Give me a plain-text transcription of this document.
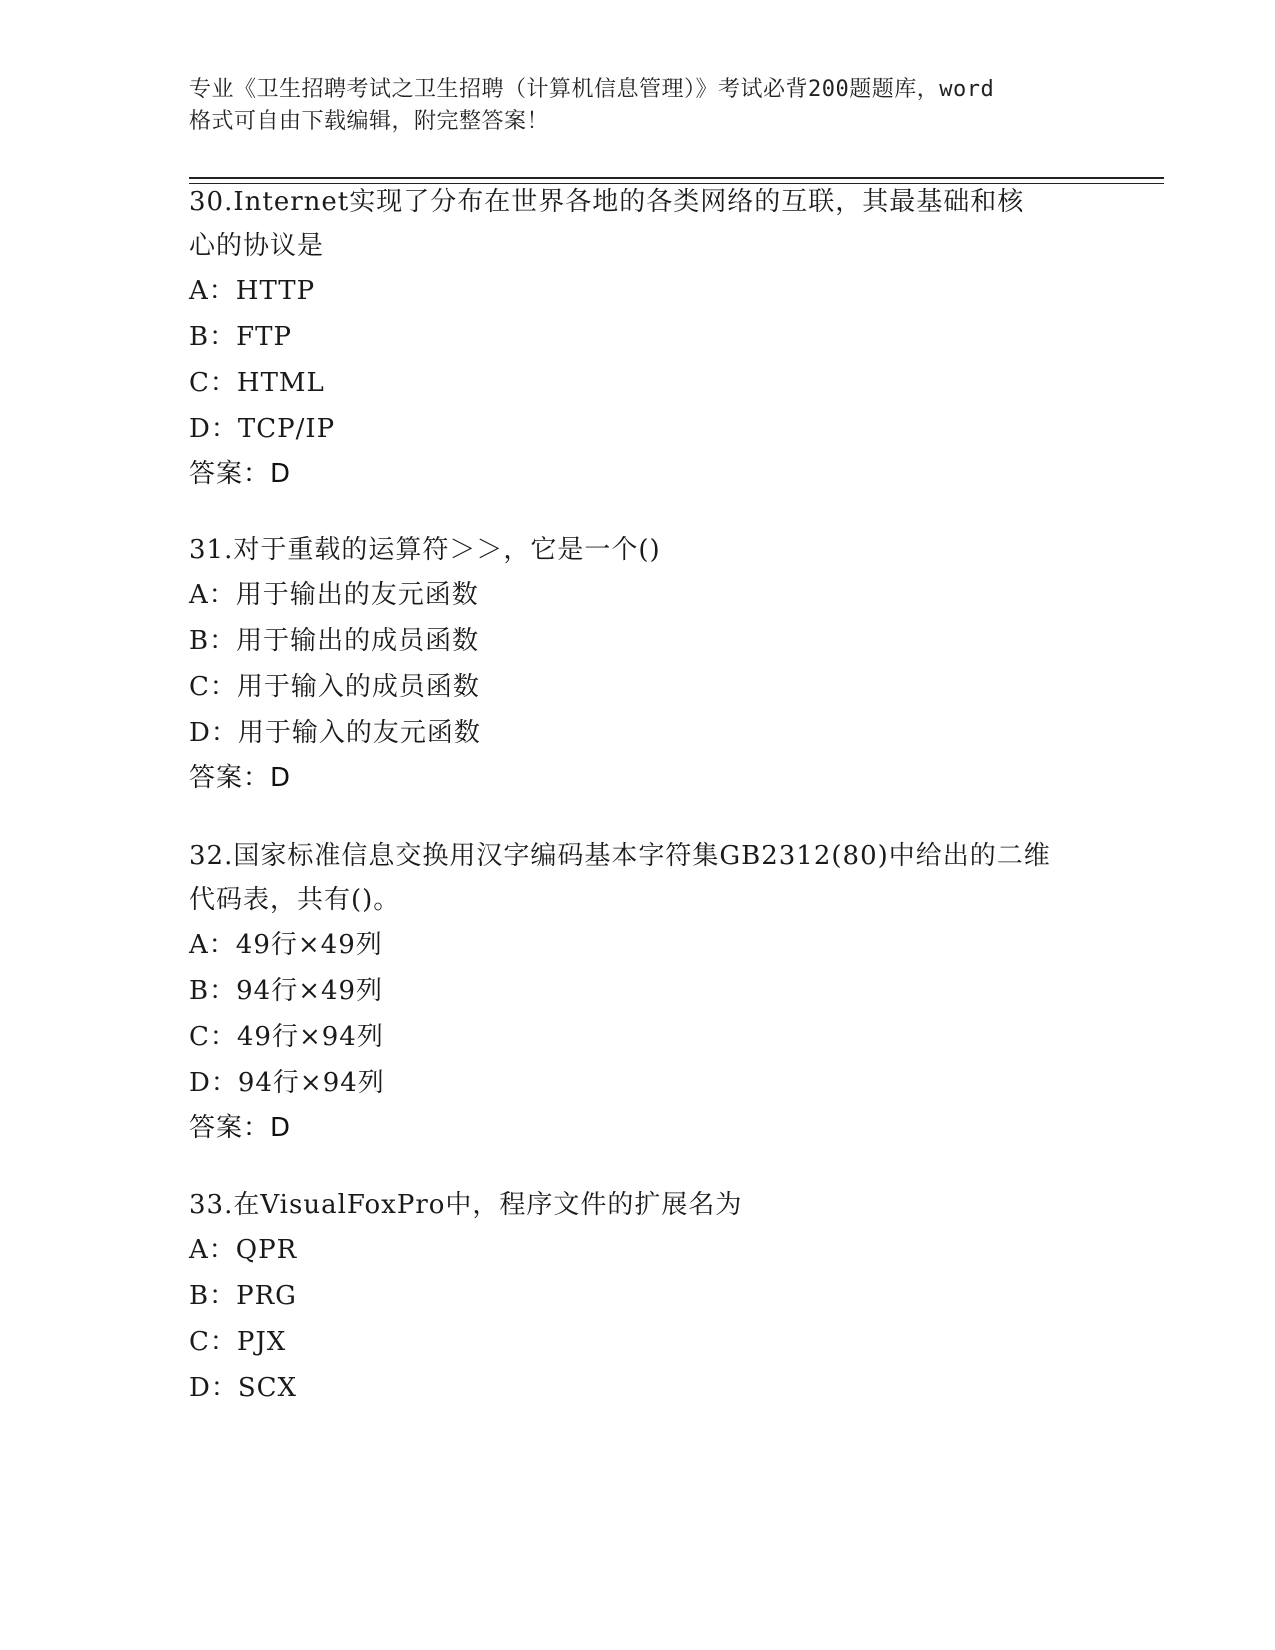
专业《卫生招聘考试之卫生招聘（计算机信息管理）》考试必背200题题库，word
格式可自由下载编辑，附完整答案！
30.Internet实现了分布在世界各地的各类网络的互联，其最基础和核
心的协议是
A：HTTP
B：FTP
C：HTML
D：TCP/IP
答案：D
31.对于重载的运算符＞＞，它是一个()
A：用于输出的友元函数
B：用于输出的成员函数
C：用于输入的成员函数
D：用于输入的友元函数
答案：D
32.国家标准信息交换用汉字编码基本字符集GB2312(80)中给出的二维
代码表，共有()。
A：49行×49列
B：94行×49列
C：49行×94列
D：94行×94列
答案：D
33.在VisualFoxPro中，程序文件的扩展名为
A：QPR
B：PRG
C：PJX
D：SCX
